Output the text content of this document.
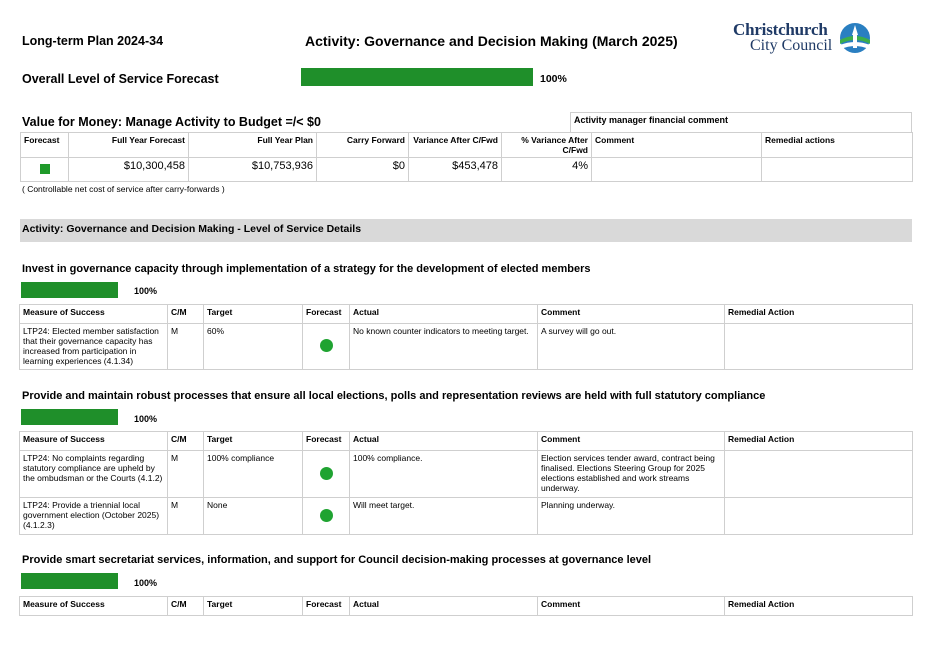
Long-term Plan 2024-34	Activity: Governance and Decision Making (March 2025)
Christchurch
City Council
Overall Level of Service Forecast	100%
Value for Money: Manage Activity to Budget =/< $0	Activity manager financial comment
Forecast	Full Year Forecast	Full Year Plan	Carry Forward	Variance After C/Fwd	% Variance After C/Fwd	Comment	Remedial actions
	$10,300,458	$10,753,936	$0	$453,478	4%		
( Controllable net cost of service after carry-forwards )
Activity: Governance and Decision Making - Level of Service Details
Invest in governance capacity through implementation of a strategy for the development of elected members
100%
Measure of Success	C/M	Target	Forecast	Actual	Comment	Remedial Action
LTP24: Elected member satisfaction that their governance capacity has increased from participation in learning experiences (4.1.34)	M	60%		No known counter indicators to meeting target.	A survey will go out.	
Provide and maintain robust processes that ensure all local elections, polls and representation reviews are held with full statutory compliance
100%
Measure of Success	C/M	Target	Forecast	Actual	Comment	Remedial Action
LTP24: No complaints regarding statutory compliance are upheld by the ombudsman or the Courts (4.1.2)	M	100% compliance		100% compliance.	Election services tender award, contract being finalised. Elections Steering Group for 2025 elections established and work streams underway.	
LTP24: Provide a triennial local government election (October 2025) (4.1.2.3)	M	None		Will meet target.	Planning underway.	
Provide smart secretariat services, information, and support for Council decision-making processes at governance level
100%
Measure of Success	C/M	Target	Forecast	Actual	Comment	Remedial Action
